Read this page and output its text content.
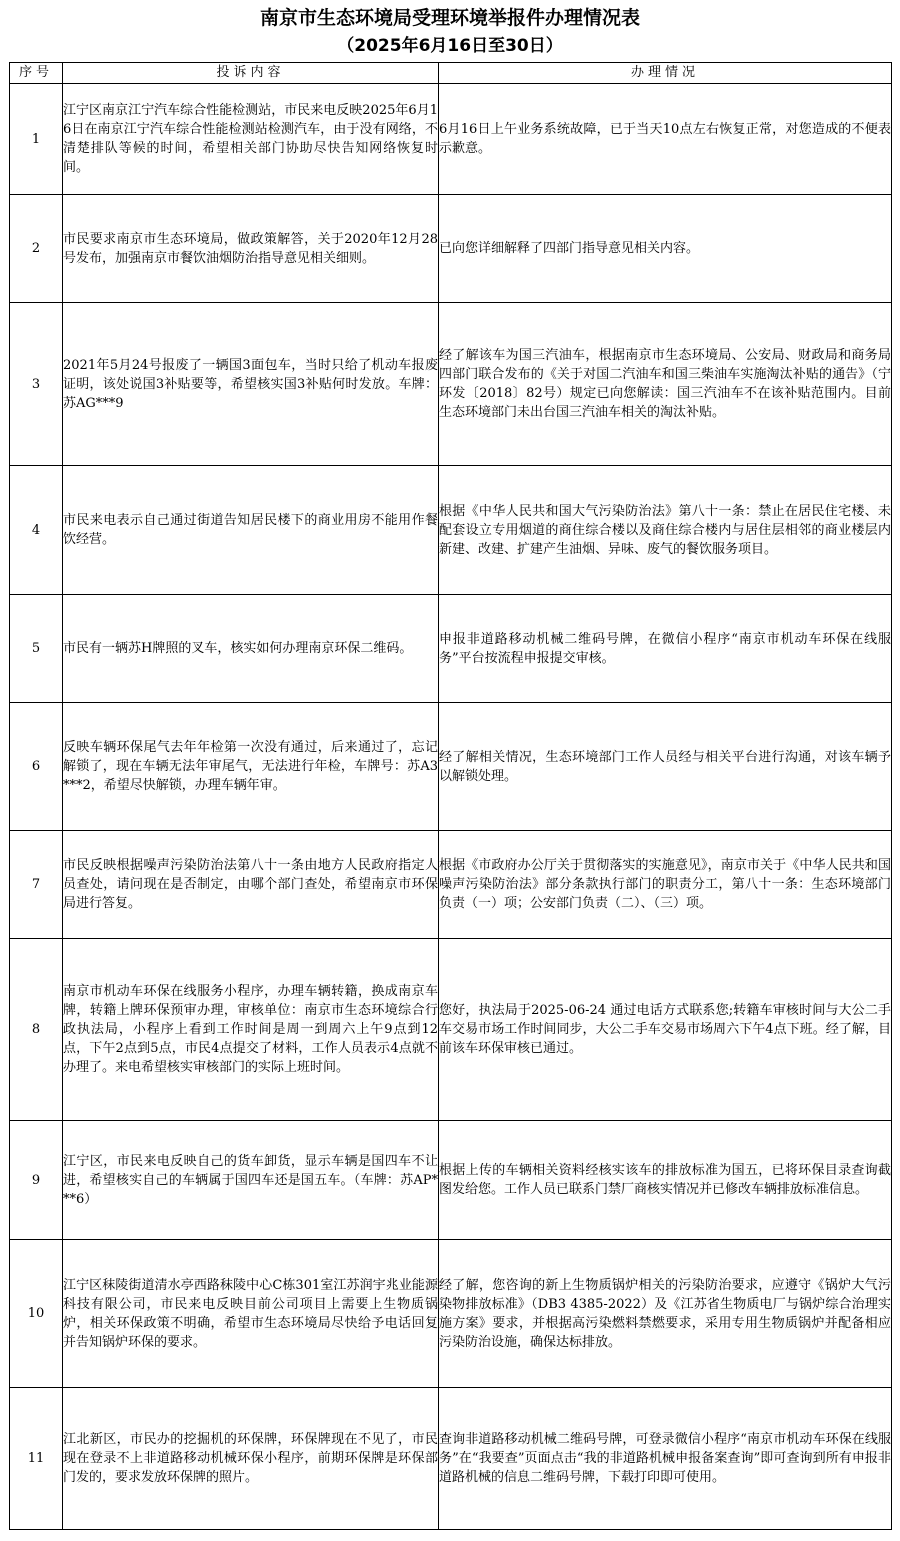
南京市生态环境局受理环境举报件办理情况表
（2025年6月16日至30日）
序号	投诉内容	办理情况
1	江宁区南京江宁汽车综合性能检测站，市民来电反映2025年6月16日在南京江宁汽车综合性能检测站检测汽车，由于没有网络，不清楚排队等候的时间，希望相关部门协助尽快告知网络恢复时间。	6月16日上午业务系统故障，已于当天10点左右恢复正常，对您造成的不便表示歉意。

2	市民要求南京市生态环境局，做政策解答，关于2020年12月28号发布，加强南京市餐饮油烟防治指导意见相关细则。	已向您详细解释了四部门指导意见相关内容。

3	2021年5月24号报废了一辆国3面包车，当时只给了机动车报废证明，该处说国3补贴要等，希望核实国3补贴何时发放。车牌：苏AG***9	经了解该车为国三汽油车，根据南京市生态环境局、公安局、财政局和商务局四部门联合发布的《关于对国二汽油车和国三柴油车实施淘汰补贴的通告》（宁环发〔2018〕82号）规定已向您解读：国三汽油车不在该补贴范围内。目前生态环境部门未出台国三汽油车相关的淘汰补贴。

4	市民来电表示自己通过街道告知居民楼下的商业用房不能用作餐饮经营。	根据《中华人民共和国大气污染防治法》第八十一条：禁止在居民住宅楼、未配套设立专用烟道的商住综合楼以及商住综合楼内与居住层相邻的商业楼层内新建、改建、扩建产生油烟、异味、废气的餐饮服务项目。

5	市民有一辆苏H牌照的叉车，核实如何办理南京环保二维码。	申报非道路移动机械二维码号牌，在微信小程序“南京市机动车环保在线服务”平台按流程申报提交审核。

6	反映车辆环保尾气去年年检第一次没有通过，后来通过了，忘记解锁了，现在车辆无法年审尾气，无法进行年检，车牌号：苏A3***2，希望尽快解锁，办理车辆年审。	经了解相关情况，生态环境部门工作人员经与相关平台进行沟通，对该车辆予以解锁处理。

7	市民反映根据噪声污染防治法第八十一条由地方人民政府指定人员查处，请问现在是否制定，由哪个部门查处，希望南京市环保局进行答复。	根据《市政府办公厅关于贯彻落实的实施意见》，南京市关于《中华人民共和国噪声污染防治法》部分条款执行部门的职责分工，第八十一条：生态环境部门负责（一）项；公安部门负责（二）、（三）项。

8	南京市机动车环保在线服务小程序，办理车辆转籍，换成南京车牌，转籍上牌环保预审办理，审核单位：南京市生态环境综合行政执法局，小程序上看到工作时间是周一到周六上午9点到12点，下午2点到5点，市民4点提交了材料，工作人员表示4点就不办理了。来电希望核实审核部门的实际上班时间。	您好，执法局于2025-06-24 通过电话方式联系您;转籍车审核时间与大公二手车交易市场工作时间同步，大公二手车交易市场周六下午4点下班。经了解，目前该车环保审核已通过。

9	江宁区，市民来电反映自己的货车卸货，显示车辆是国四车不让进，希望核实自己的车辆属于国四车还是国五车。（车牌：苏AP***6）	根据上传的车辆相关资料经核实该车的排放标准为国五，已将环保目录查询截图发给您。工作人员已联系门禁厂商核实情况并已修改车辆排放标准信息。

10	江宁区秣陵街道清水亭西路秣陵中心C栋301室江苏润宇兆业能源科技有限公司，市民来电反映目前公司项目上需要上生物质锅炉，相关环保政策不明确，希望市生态环境局尽快给予电话回复并告知锅炉环保的要求。	经了解，您咨询的新上生物质锅炉相关的污染防治要求，应遵守《锅炉大气污染物排放标准》（DB3 4385-2022）及《江苏省生物质电厂与锅炉综合治理实施方案》要求，并根据高污染燃料禁燃要求，采用专用生物质锅炉并配备相应污染防治设施，确保达标排放。

11	江北新区，市民办的挖掘机的环保牌，环保牌现在不见了，市民现在登录不上非道路移动机械环保小程序，前期环保牌是环保部门发的，要求发放环保牌的照片。	查询非道路移动机械二维码号牌，可登录微信小程序“南京市机动车环保在线服务”在“我要查”页面点击“我的非道路机械申报备案查询”即可查询到所有申报非道路机械的信息二维码号牌，下载打印即可使用。
